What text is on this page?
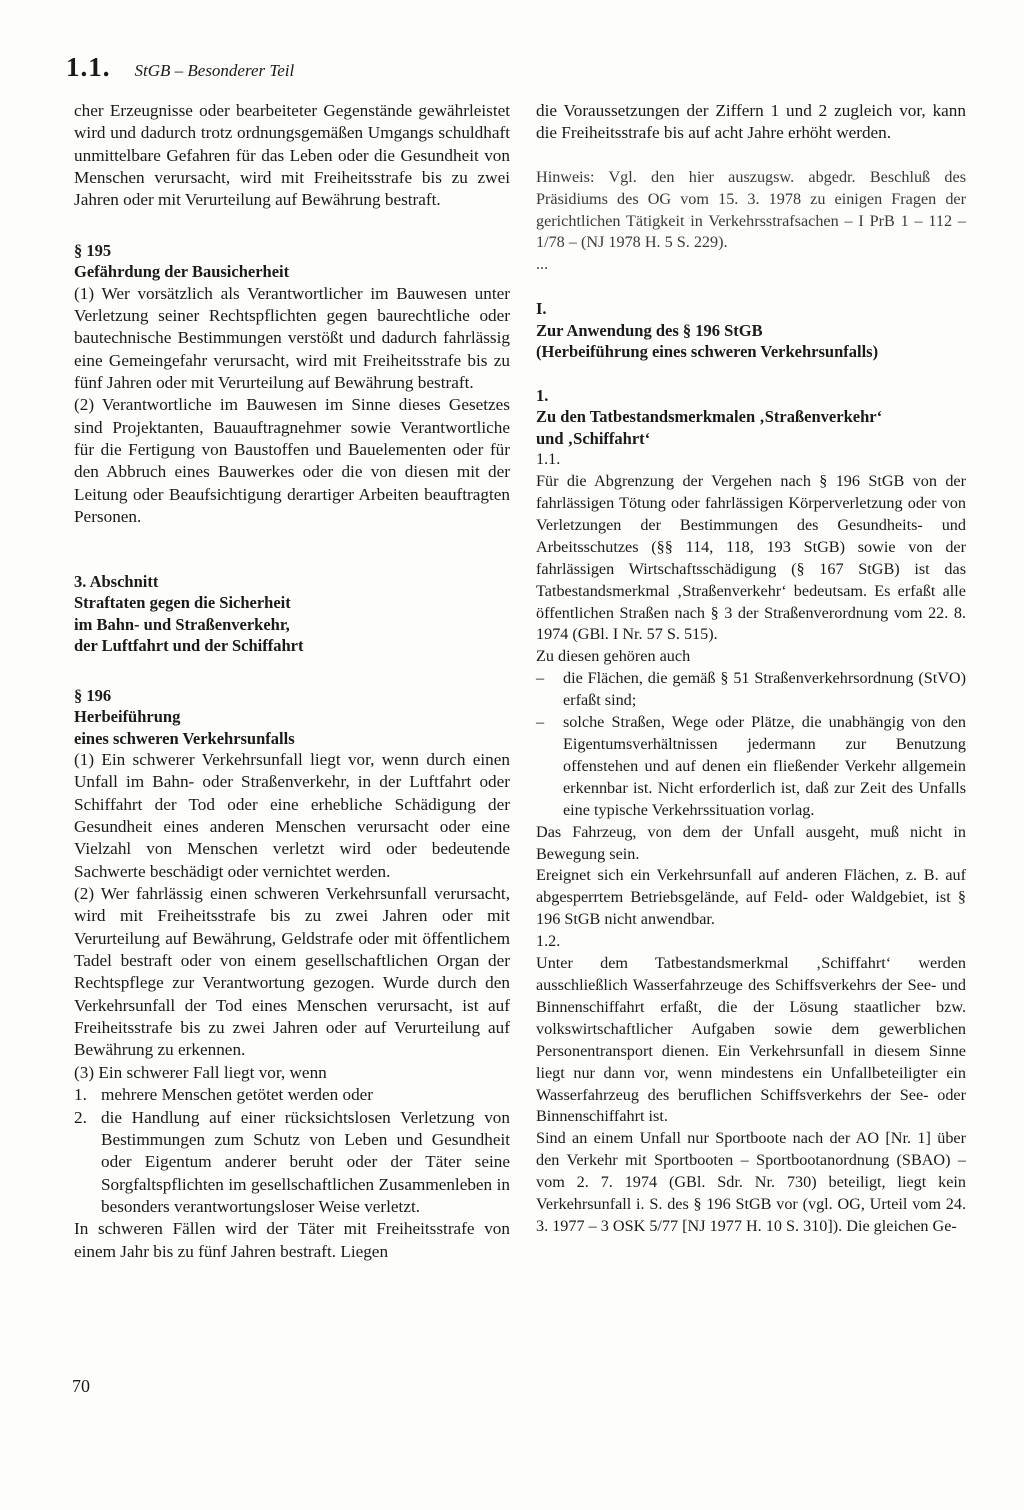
1.1. StGB – Besonderer Teil

cher Erzeugnisse oder bearbeiteter Gegenstände gewährleistet wird und dadurch trotz ordnungsgemäßen Umgangs schuldhaft unmittelbare Gefahren für das Leben oder die Gesundheit von Menschen verursacht, wird mit Freiheitsstrafe bis zu zwei Jahren oder mit Verurteilung auf Bewährung bestraft.

§ 195

Gefährdung der Bausicherheit

(1) Wer vorsätzlich als Verantwortlicher im Bauwesen unter Verletzung seiner Rechtspflichten gegen baurechtliche oder bautechnische Bestimmungen verstößt und dadurch fahrlässig eine Gemeingefahr verursacht, wird mit Freiheitsstrafe bis zu fünf Jahren oder mit Verurteilung auf Bewährung bestraft.

(2) Verantwortliche im Bauwesen im Sinne dieses Gesetzes sind Projektanten, Bauauftragnehmer sowie Verantwortliche für die Fertigung von Baustoffen und Bauelementen oder für den Abbruch eines Bauwerkes oder die von diesen mit der Leitung oder Beaufsichtigung derartiger Arbeiten beauftragten Personen.

3. Abschnitt

Straftaten gegen die Sicherheit

im Bahn- und Straßenverkehr,

der Luftfahrt und der Schiffahrt

§ 196

Herbeiführung

eines schweren Verkehrsunfalls

(1) Ein schwerer Verkehrsunfall liegt vor, wenn durch einen Unfall im Bahn- oder Straßenverkehr, in der Luftfahrt oder Schiffahrt der Tod oder eine erhebliche Schädigung der Gesundheit eines anderen Menschen verursacht oder eine Vielzahl von Menschen verletzt wird oder bedeutende Sachwerte beschädigt oder vernichtet werden.

(2) Wer fahrlässig einen schweren Verkehrsunfall verursacht, wird mit Freiheitsstrafe bis zu zwei Jahren oder mit Verurteilung auf Bewährung, Geldstrafe oder mit öffentlichem Tadel bestraft oder von einem gesellschaftlichen Organ der Rechtspflege zur Verantwortung gezogen. Wurde durch den Verkehrsunfall der Tod eines Menschen verursacht, ist auf Freiheitsstrafe bis zu zwei Jahren oder auf Verurteilung auf Bewährung zu erkennen.

(3) Ein schwerer Fall liegt vor, wenn

1. mehrere Menschen getötet werden oder
2. die Handlung auf einer rücksichtslosen Verletzung von Bestimmungen zum Schutz von Leben und Gesundheit oder Eigentum anderer beruht oder der Täter seine Sorgfaltspflichten im gesellschaftlichen Zusammenleben in besonders verantwortungsloser Weise verletzt.

In schweren Fällen wird der Täter mit Freiheitsstrafe von einem Jahr bis zu fünf Jahren bestraft. Liegen

die Voraussetzungen der Ziffern 1 und 2 zugleich vor, kann die Freiheitsstrafe bis auf acht Jahre erhöht werden.

Hinweis: Vgl. den hier auszugsw. abgedr. Beschluß des Präsidiums des OG vom 15. 3. 1978 zu einigen Fragen der gerichtlichen Tätigkeit in Verkehrsstrafsachen – I PrB 1 – 112 –1/78 – (NJ 1978 H. 5 S. 229).

...

I.

Zur Anwendung des § 196 StGB

(Herbeiführung eines schweren Verkehrsunfalls)

1.

Zu den Tatbestandsmerkmalen ‚Straßenverkehr‘

und ‚Schiffahrt‘

1.1.

Für die Abgrenzung der Vergehen nach § 196 StGB von der fahrlässigen Tötung oder fahrlässigen Körperverletzung oder von Verletzungen der Bestimmungen des Gesundheits- und Arbeitsschutzes (§§ 114, 118, 193 StGB) sowie von der fahrlässigen Wirtschaftsschädigung (§ 167 StGB) ist das Tatbestandsmerkmal ‚Straßenverkehr‘ bedeutsam. Es erfaßt alle öffentlichen Straßen nach § 3 der Straßenverordnung vom 22. 8. 1974 (GBl. I Nr. 57 S. 515).

Zu diesen gehören auch

–	die Flächen, die gemäß § 51 Straßenverkehrsordnung (StVO) erfaßt sind;
–	solche Straßen, Wege oder Plätze, die unabhängig von den Eigentumsverhältnissen jedermann zur Benutzung offenstehen und auf denen ein fließender Verkehr allgemein erkennbar ist. Nicht erforderlich ist, daß zur Zeit des Unfalls eine typische Verkehrssituation vorlag.

Das Fahrzeug, von dem der Unfall ausgeht, muß nicht in Bewegung sein.

Ereignet sich ein Verkehrsunfall auf anderen Flächen, z. B. auf abgesperrtem Betriebsgelände, auf Feld- oder Waldgebiet, ist § 196 StGB nicht anwendbar.

1.2.

Unter dem Tatbestandsmerkmal ‚Schiffahrt‘ werden ausschließlich Wasserfahrzeuge des Schiffsverkehrs der See- und Binnenschiffahrt erfaßt, die der Lösung staatlicher bzw. volkswirtschaftlicher Aufgaben sowie dem gewerblichen Personentransport dienen. Ein Verkehrsunfall in diesem Sinne liegt nur dann vor, wenn mindestens ein Unfallbeteiligter ein Wasserfahrzeug des beruflichen Schiffsverkehrs der See- oder Binnenschiffahrt ist.

Sind an einem Unfall nur Sportboote nach der AO [Nr. 1] über den Verkehr mit Sportbooten – Sportbootanordnung (SBAO) – vom 2. 7. 1974 (GBl. Sdr. Nr. 730) beteiligt, liegt kein Verkehrsunfall i. S. des § 196 StGB vor (vgl. OG, Urteil vom 24. 3. 1977 – 3 OSK 5/77 [NJ 1977 H. 10 S. 310]). Die gleichen Ge-

70
